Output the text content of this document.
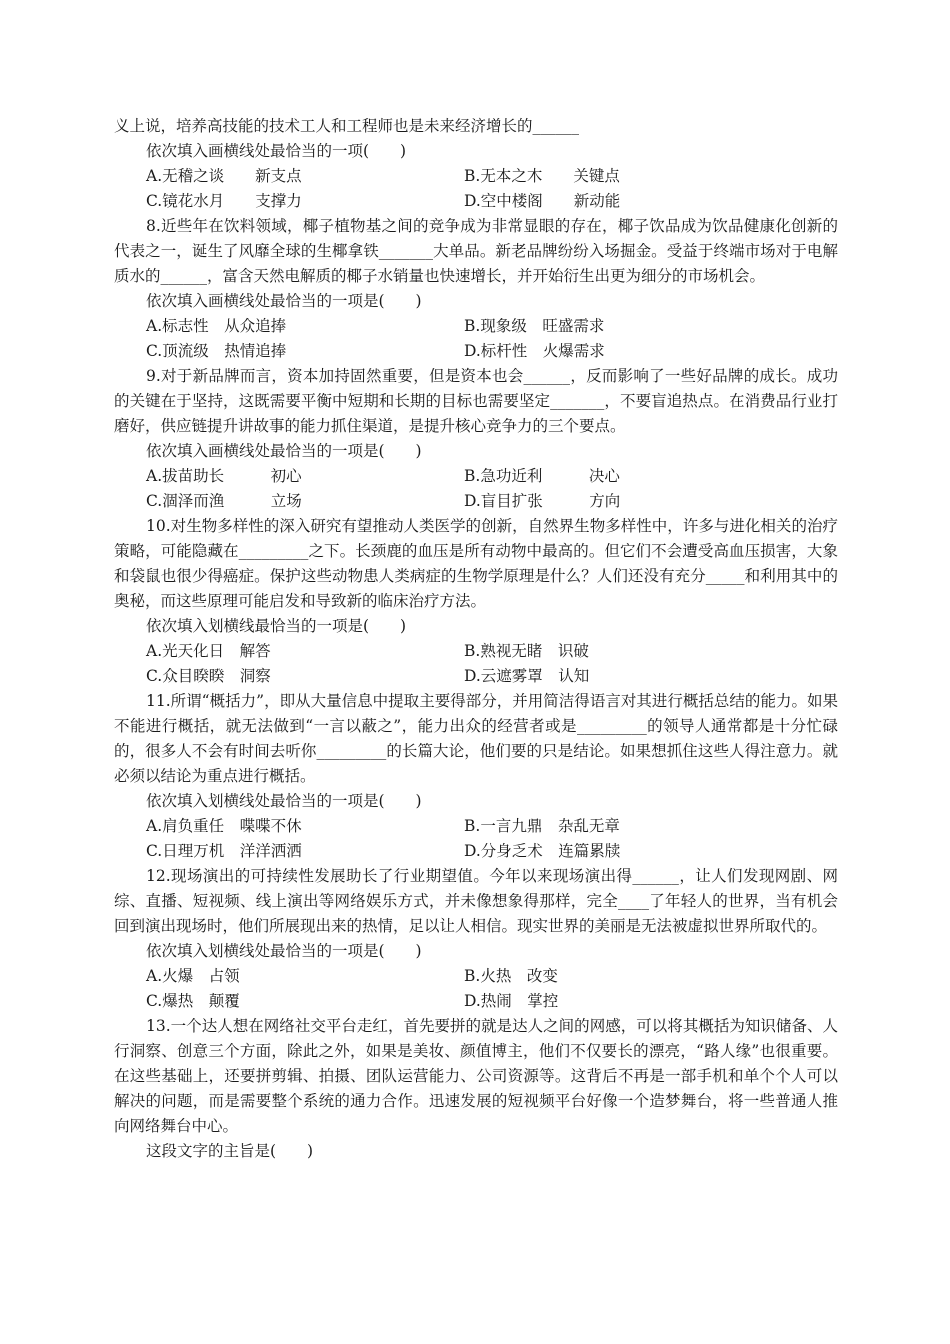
义上说，培养高技能的技术工人和工程师也是未来经济增长的______

依次填入画横线处最恰当的一项(　　)

A.无稽之谈　　新支点	B.无本之木　　关键点
C.镜花水月　　支撑力	D.空中楼阁　　新动能

8.近些年在饮料领域，椰子植物基之间的竞争成为非常显眼的存在，椰子饮品成为饮品健康化创新的代表之一，诞生了风靡全球的生椰拿铁_______大单品。新老品牌纷纷入场掘金。受益于终端市场对于电解质水的______，富含天然电解质的椰子水销量也快速增长，并开始衍生出更为细分的市场机会。

依次填入画横线处最恰当的一项是(　　)

A.标志性　从众追捧	B.现象级　旺盛需求
C.顶流级　热情追捧	D.标杆性　火爆需求

9.对于新品牌而言，资本加持固然重要，但是资本也会______，反而影响了一些好品牌的成长。成功的关键在于坚持，这既需要平衡中短期和长期的目标也需要坚定_______，不要盲追热点。在消费品行业打磨好，供应链提升讲故事的能力抓住渠道，是提升核心竞争力的三个要点。

依次填入画横线处最恰当的一项是(　　)

A.拔苗助长　　　初心	B.急功近利　　　决心
C.涸泽而渔　　　立场	D.盲目扩张　　　方向

10.对生物多样性的深入研究有望推动人类医学的创新，自然界生物多样性中，许多与进化相关的治疗策略，可能隐藏在_________之下。长颈鹿的血压是所有动物中最高的。但它们不会遭受高血压损害，大象和袋鼠也很少得癌症。保护这些动物患人类病症的生物学原理是什么？人们还没有充分_____和利用其中的奥秘，而这些原理可能启发和导致新的临床治疗方法。

依次填入划横线最恰当的一项是(　　)

A.光天化日　解答	B.熟视无睹　识破
C.众目睽睽　洞察	D.云遮雾罩　认知

11.所谓“概括力”，即从大量信息中提取主要得部分，并用简洁得语言对其进行概括总结的能力。如果不能进行概括，就无法做到“一言以蔽之”，能力出众的经营者或是_________的领导人通常都是十分忙碌的，很多人不会有时间去听你_________的长篇大论，他们要的只是结论。如果想抓住这些人得注意力。就必须以结论为重点进行概括。

依次填入划横线处最恰当的一项是(　　)

A.肩负重任　喋喋不休	B.一言九鼎　杂乱无章
C.日理万机　洋洋洒洒	D.分身乏术　连篇累牍

12.现场演出的可持续性发展助长了行业期望值。今年以来现场演出得______，让人们发现网剧、网综、直播、短视频、线上演出等网络娱乐方式，并未像想象得那样，完全____了年轻人的世界，当有机会回到演出现场时，他们所展现出来的热情，足以让人相信。现实世界的美丽是无法被虚拟世界所取代的。

依次填入划横线处最恰当的一项是(　　)

A.火爆　占领	B.火热　改变
C.爆热　颠覆	D.热闹　掌控

13.一个达人想在网络社交平台走红，首先要拼的就是达人之间的网感，可以将其概括为知识储备、人行洞察、创意三个方面，除此之外，如果是美妆、颜值博主，他们不仅要长的漂亮，“路人缘”也很重要。在这些基础上，还要拼剪辑、拍摄、团队运营能力、公司资源等。这背后不再是一部手机和单个个人可以解决的问题，而是需要整个系统的通力合作。迅速发展的短视频平台好像一个造梦舞台，将一些普通人推向网络舞台中心。

这段文字的主旨是(　　)
